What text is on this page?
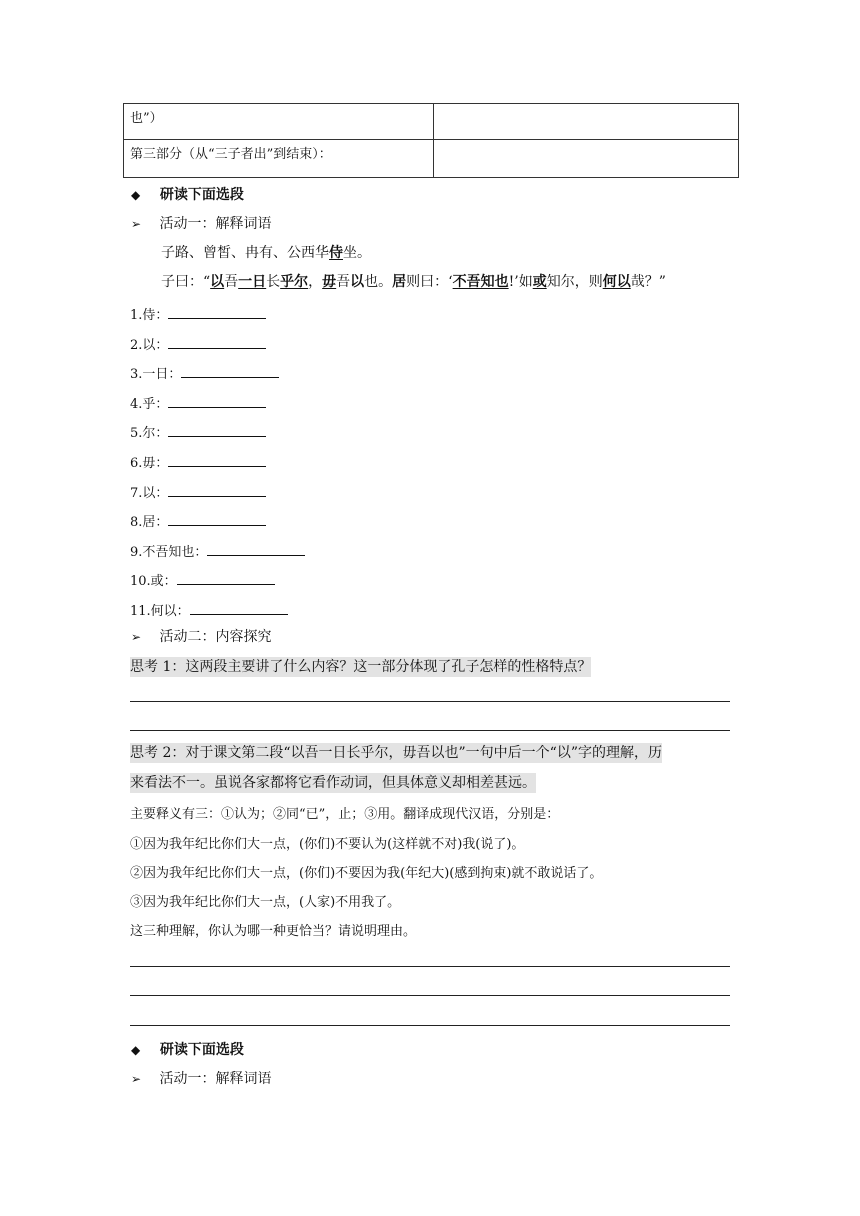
也”）	
第三部分（从“三子者出”到结束）：	
◆ 研读下面选段
➢ 活动一：解释词语
子路、曾皙、冉有、公西华侍坐。
子曰：“以吾一日长乎尔，毋吾以也。居则曰：‘不吾知也!’如或知尔，则何以哉？”
1.侍：
2.以：
3.一日：
4.乎：
5.尔：
6.毋：
7.以：
8.居：
9.不吾知也：
10.或：
11.何以：
➢ 活动二：内容探究
思考 1：这两段主要讲了什么内容？这一部分体现了孔子怎样的性格特点？
思考 2：对于课文第二段“以吾一日长乎尔，毋吾以也”一句中后一个“以”字的理解，历
来看法不一。虽说各家都将它看作动词，但具体意义却相差甚远。
主要释义有三：①认为；②同“已”，止；③用。翻译成现代汉语，分别是：
①因为我年纪比你们大一点，(你们)不要认为(这样就不对)我(说了)。
②因为我年纪比你们大一点，(你们)不要因为我(年纪大)(感到拘束)就不敢说话了。
③因为我年纪比你们大一点，(人家)不用我了。
这三种理解，你认为哪一种更恰当？请说明理由。
◆ 研读下面选段
➢ 活动一：解释词语
